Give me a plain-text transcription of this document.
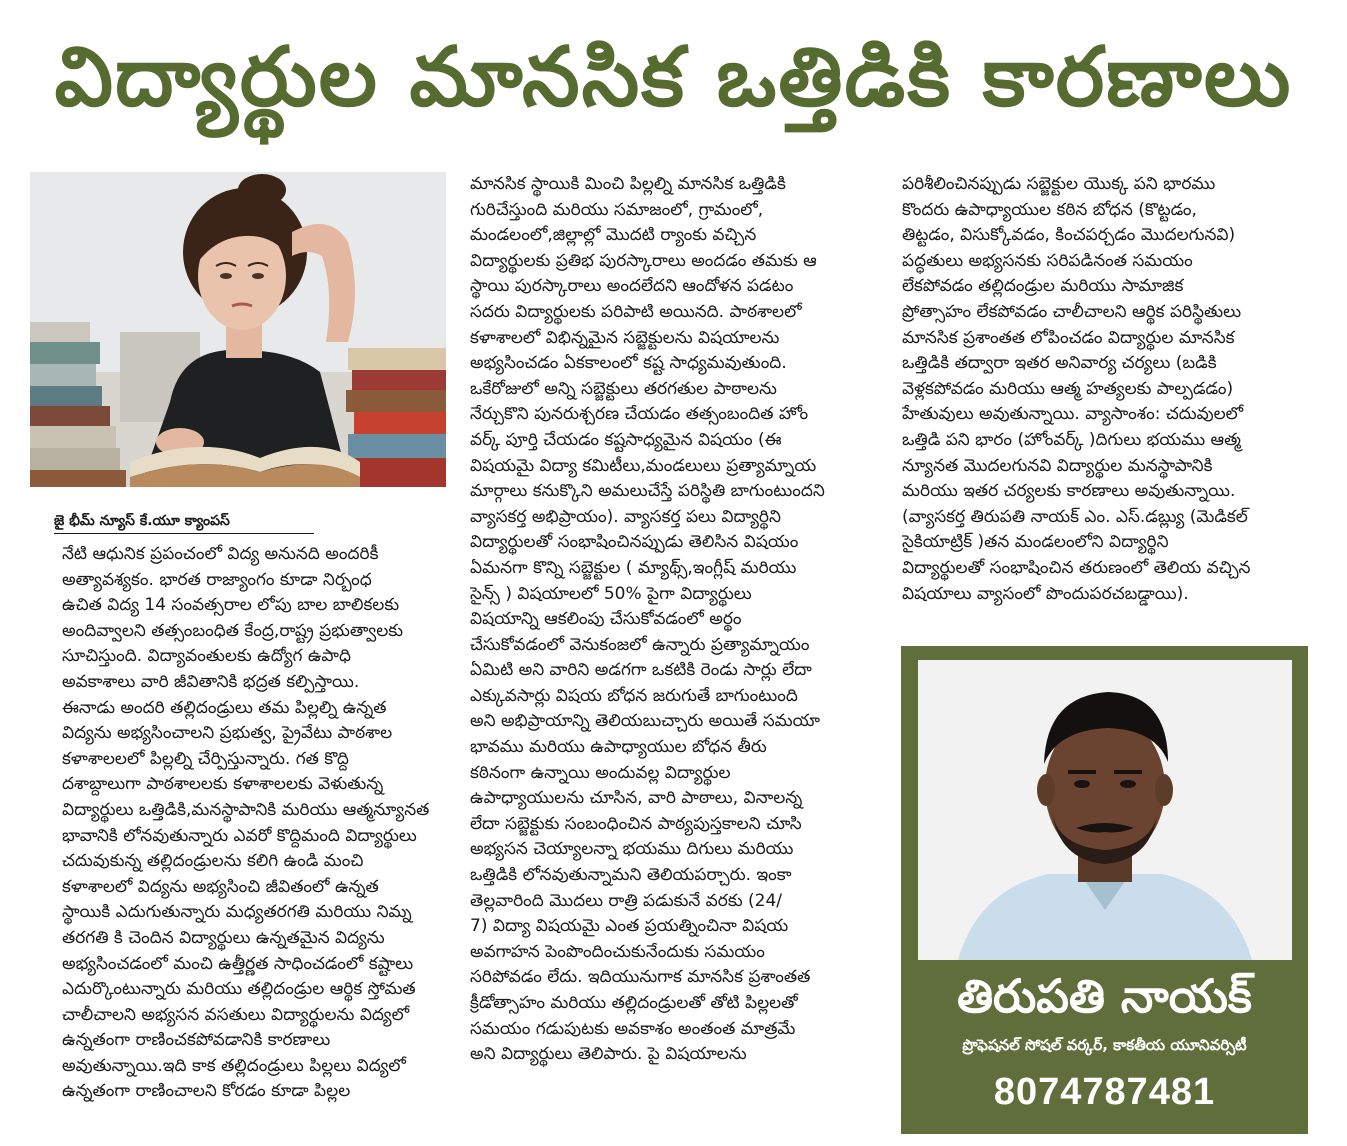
విద్యార్థుల మానసిక ఒత్తిడికి కారణాలు
జై భీమ్ న్యూస్ కే.యూ క్యాంపస్
నేటి ఆధునిక ప్రపంచంలో విద్య అనునది అందరికీ
అత్యావశ్యకం. భారత రాజ్యాంగం కూడా నిర్బంధ
ఉచిత విద్య 14 సంవత్సరాల లోపు బాల బాలికలకు
అందివ్వాలని తత్సంబంధిత కేంద్ర,రాష్ట్ర ప్రభుత్వాలకు
సూచిస్తుంది. విద్యావంతులకు ఉద్యోగ ఉపాధి
అవకాశాలు వారి జీవితానికి భద్రత కల్పిస్తాయి.
ఈనాడు అందరి తల్లిదండ్రులు తమ పిల్లల్ని ఉన్నత
విద్యను అభ్యసించాలని ప్రభుత్వ, ప్రైవేటు పాఠశాల
కళాశాలలలో పిల్లల్ని చేర్పిస్తున్నారు. గత కొద్ది
దశాబ్దాలుగా పాఠశాలలకు కళాశాలలకు వెళుతున్న
విద్యార్థులు ఒత్తిడికి,మనస్థాపానికి మరియు ఆత్మన్యూనత
భావానికి లోనవుతున్నారు ఎవరో కొద్దిమంది విద్యార్థులు
చదువుకున్న తల్లిదండ్రులను కలిగి ఉండి మంచి
కళాశాలలో విద్యను అభ్యసించి జీవితంలో ఉన్నత
స్థాయికి ఎదుగుతున్నారు మధ్యతరగతి మరియు నిమ్న
తరగతి కి చెందిన విద్యార్థులు ఉన్నతమైన విద్యను
అభ్యసించడంలో మంచి ఉత్తీర్ణత సాధించడంలో కష్టాలు
ఎదుర్కొంటున్నారు మరియు తల్లిదండ్రుల ఆర్థిక స్తోమత
చాలీచాలని అభ్యసన వసతులు విద్యార్థులను విద్యలో
ఉన్నతంగా రాణించకపోవడానికి కారణాలు
అవుతున్నాయి.ఇది కాక తల్లిదండ్రులు పిల్లలు విద్యలో
ఉన్నతంగా రాణించాలని కోరడం కూడా పిల్లల
మానసిక స్థాయికి మించి పిల్లల్ని మానసిక ఒత్తిడికి
గురిచేస్తుంది మరియు సమాజంలో, గ్రామంలో,
మండలంలో,జిల్లాల్లో మొదటి ర్యాంకు వచ్చిన
విద్యార్థులకు ప్రతిభ పురస్కారాలు అందడం తమకు ఆ
స్థాయి పురస్కారాలు అందలేదని ఆందోళన పడటం
సదరు విద్యార్థులకు పరిపాటి అయినది. పాఠశాలలో
కళాశాలలో విభిన్నమైన సబ్జెక్టులను విషయాలను
అభ్యసించడం ఏకకాలంలో కష్ట సాధ్యమవుతుంది.
ఒకేరోజులో అన్ని సబ్జెక్టులు తరగతుల పాఠాలను
నేర్చుకొని పునరుశ్చరణ చేయడం తత్సంబందిత హోం
వర్క్ పూర్తి చేయడం కష్టసాధ్యమైన విషయం (ఈ
విషయమై విద్యా కమిటీలు,మండలులు ప్రత్యామ్నాయ
మార్గాలు కనుక్కొని అమలుచేస్తే పరిస్థితి బాగుంటుందని
వ్యాసకర్త అభిప్రాయం). వ్యాసకర్త పలు విద్యార్థిని
విద్యార్థులతో సంభాషించినప్పుడు తెలిసిన విషయం
ఏమనగా కొన్ని సబ్జెక్టుల ( మ్యాథ్స్,ఇంగ్లీష్ మరియు
సైన్స్ ) విషయాలలో 50% పైగా విద్యార్థులు
విషయాన్ని ఆకలింపు చేసుకోవడంలో అర్థం
చేసుకోవడంలో వెనుకంజలో ఉన్నారు ప్రత్యామ్నాయం
ఏమిటి అని వారిని అడగగా ఒకటికి రెండు సార్లు లేదా
ఎక్కువసార్లు విషయ బోధన జరుగుతే బాగుంటుంది
అని అభిప్రాయాన్ని తెలియబుచ్చారు అయితే సమయా
భావము మరియు ఉపాధ్యాయుల బోధన తీరు
కఠినంగా ఉన్నాయి అందువల్ల విద్యార్థుల
ఉపాధ్యాయులను చూసిన, వారి పాఠాలు, వినాలన్న
లేదా సబ్జెక్టుకు సంబంధించిన పాఠ్యపుస్తకాలని చూసి
అభ్యసన చెయ్యాలన్నా భయము దిగులు మరియు
ఒత్తిడికి లోనవుతున్నామని తెలియపర్చారు. ఇంకా
తెల్లవారింది మొదలు రాత్రి పడుకునే వరకు (24/
7) విద్యా విషయమై ఎంత ప్రయత్నించినా విషయ
అవగాహన పెంపొందించుకునేందుకు సమయం
సరిపోవడం లేదు. ఇదియునుగాక మానసిక ప్రశాంతత
క్రీడోత్సాహం మరియు తల్లిదండ్రులతో తోటి పిల్లలతో
సమయం గడుపుటకు అవకాశం అంతంత మాత్రమే
అని విద్యార్థులు తెలిపారు. పై విషయాలను
పరిశీలించినప్పుడు సబ్జెక్టుల యొక్క పని భారము
కొందరు ఉపాధ్యాయుల కఠిన బోధన (కొట్టడం,
తిట్టడం, విసుక్కోవడం, కించపర్చడం మొదలగునవి)
పద్ధతులు అభ్యసనకు సరిపడినంత సమయం
లేకపోవడం తల్లిదండ్రుల మరియు సామాజిక
ప్రోత్సాహం లేకపోవడం చాలీచాలని ఆర్థిక పరిస్థితులు
మానసిక ప్రశాంతత లోపించడం విద్యార్థుల మానసిక
ఒత్తిడికి తద్వారా ఇతర అనివార్య చర్యలు (బడికి
వెళ్లకపోవడం మరియు ఆత్మ హత్యలకు పాల్పడడం)
హేతువులు అవుతున్నాయి. వ్యాసాంశం: చదువులలో
ఒత్తిడి పని భారం (హోంవర్క్ )దిగులు భయము ఆత్మ
న్యూనత మొదలగునవి విద్యార్థుల మనస్థాపానికి
మరియు ఇతర చర్యలకు కారణాలు అవుతున్నాయి.
(వ్యాసకర్త తిరుపతి నాయక్ ఎం. ఎస్.డబ్ల్యు (మెడికల్
సైకియాట్రిక్ )తన మండలంలోని విద్యార్థిని
విద్యార్థులతో సంభాషించిన తరుణంలో తెలియ వచ్చిన
విషయాలు వ్యాసంలో పొందుపరచబడ్డాయి).
తిరుపతి నాయక్
ప్రొఫెషనల్ సోషల్ వర్కర్, కాకతీయ యూనివర్సిటీ
8074787481
